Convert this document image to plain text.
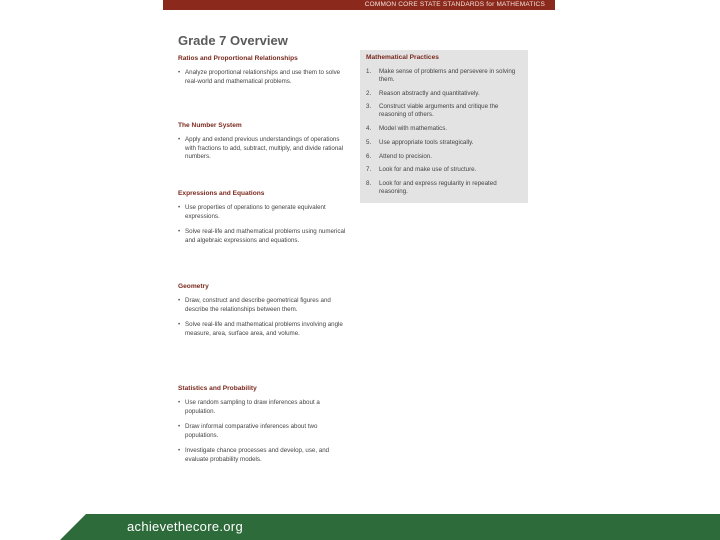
COMMON CORE STATE STANDARDS for MATHEMATICS
Grade 7 Overview
Ratios and Proportional Relationships
• Analyze proportional relationships and use them to solve real-world and mathematical problems.
The Number System
• Apply and extend previous understandings of operations with fractions to add, subtract, multiply, and divide rational numbers.
Expressions and Equations
• Use properties of operations to generate equivalent expressions.
• Solve real-life and mathematical problems using numerical and algebraic expressions and equations.
Geometry
• Draw, construct and describe geometrical figures and describe the relationships between them.
• Solve real-life and mathematical problems involving angle measure, area, surface area, and volume.
Statistics and Probability
• Use random sampling to draw inferences about a population.
• Draw informal comparative inferences about two populations.
• Investigate chance processes and develop, use, and evaluate probability models.
Mathematical Practices
1.	Make sense of problems and persevere in solving them.
2.	Reason abstractly and quantitatively.
3.	Construct viable arguments and critique the reasoning of others.
4.	Model with mathematics.
5.	Use appropriate tools strategically.
6.	Attend to precision.
7.	Look for and make use of structure.
8.	Look for and express regularity in repeated reasoning.
achievethecore.org
